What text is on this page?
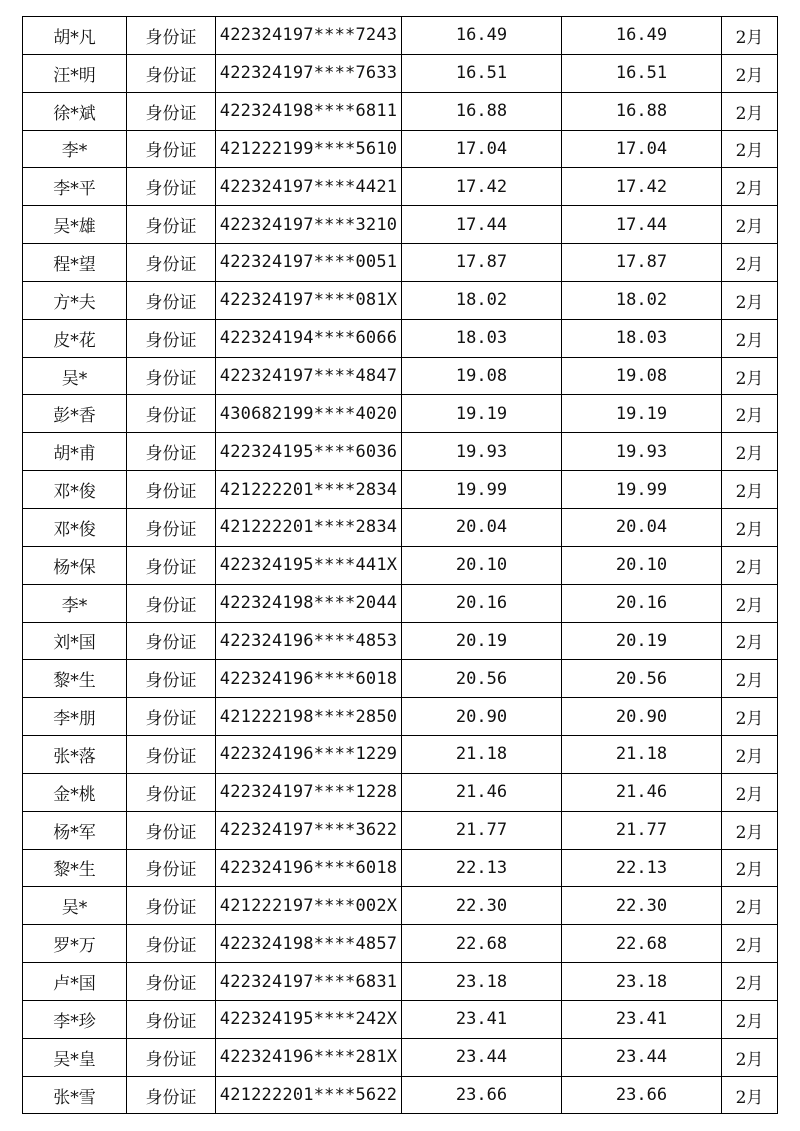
胡*凡	身份证	422324197****7243	16.49	16.49	2月
汪*明	身份证	422324197****7633	16.51	16.51	2月
徐*斌	身份证	422324198****6811	16.88	16.88	2月
李*	身份证	421222199****5610	17.04	17.04	2月
李*平	身份证	422324197****4421	17.42	17.42	2月
吴*雄	身份证	422324197****3210	17.44	17.44	2月
程*望	身份证	422324197****0051	17.87	17.87	2月
方*夫	身份证	422324197****081X	18.02	18.02	2月
皮*花	身份证	422324194****6066	18.03	18.03	2月
吴*	身份证	422324197****4847	19.08	19.08	2月
彭*香	身份证	430682199****4020	19.19	19.19	2月
胡*甫	身份证	422324195****6036	19.93	19.93	2月
邓*俊	身份证	421222201****2834	19.99	19.99	2月
邓*俊	身份证	421222201****2834	20.04	20.04	2月
杨*保	身份证	422324195****441X	20.10	20.10	2月
李*	身份证	422324198****2044	20.16	20.16	2月
刘*国	身份证	422324196****4853	20.19	20.19	2月
黎*生	身份证	422324196****6018	20.56	20.56	2月
李*朋	身份证	421222198****2850	20.90	20.90	2月
张*落	身份证	422324196****1229	21.18	21.18	2月
金*桃	身份证	422324197****1228	21.46	21.46	2月
杨*军	身份证	422324197****3622	21.77	21.77	2月
黎*生	身份证	422324196****6018	22.13	22.13	2月
吴*	身份证	421222197****002X	22.30	22.30	2月
罗*万	身份证	422324198****4857	22.68	22.68	2月
卢*国	身份证	422324197****6831	23.18	23.18	2月
李*珍	身份证	422324195****242X	23.41	23.41	2月
吴*皇	身份证	422324196****281X	23.44	23.44	2月
张*雪	身份证	421222201****5622	23.66	23.66	2月
